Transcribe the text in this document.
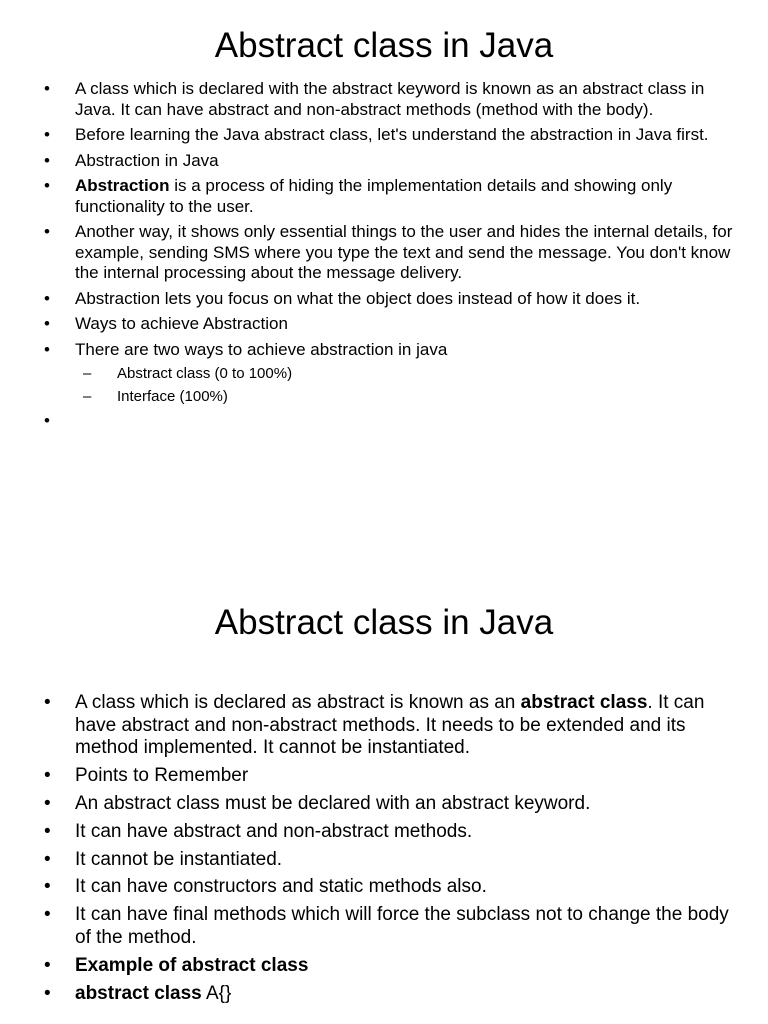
Abstract class in Java
• A class which is declared with the abstract keyword is known as an abstract class in Java. It can have abstract and non-abstract methods (method with the body).
• Before learning the Java abstract class, let's understand the abstraction in Java first.
• Abstraction in Java
• Abstraction is a process of hiding the implementation details and showing only functionality to the user.
• Another way, it shows only essential things to the user and hides the internal details, for example, sending SMS where you type the text and send the message. You don't know the internal processing about the message delivery.
• Abstraction lets you focus on what the object does instead of how it does it.
• Ways to achieve Abstraction
• There are two ways to achieve abstraction in java
– Abstract class (0 to 100%)
– Interface (100%)
•

Abstract class in Java
• A class which is declared as abstract is known as an abstract class. It can have abstract and non-abstract methods. It needs to be extended and its method implemented. It cannot be instantiated.
• Points to Remember
• An abstract class must be declared with an abstract keyword.
• It can have abstract and non-abstract methods.
• It cannot be instantiated.
• It can have constructors and static methods also.
• It can have final methods which will force the subclass not to change the body of the method.
• Example of abstract class
• abstract class A{}
